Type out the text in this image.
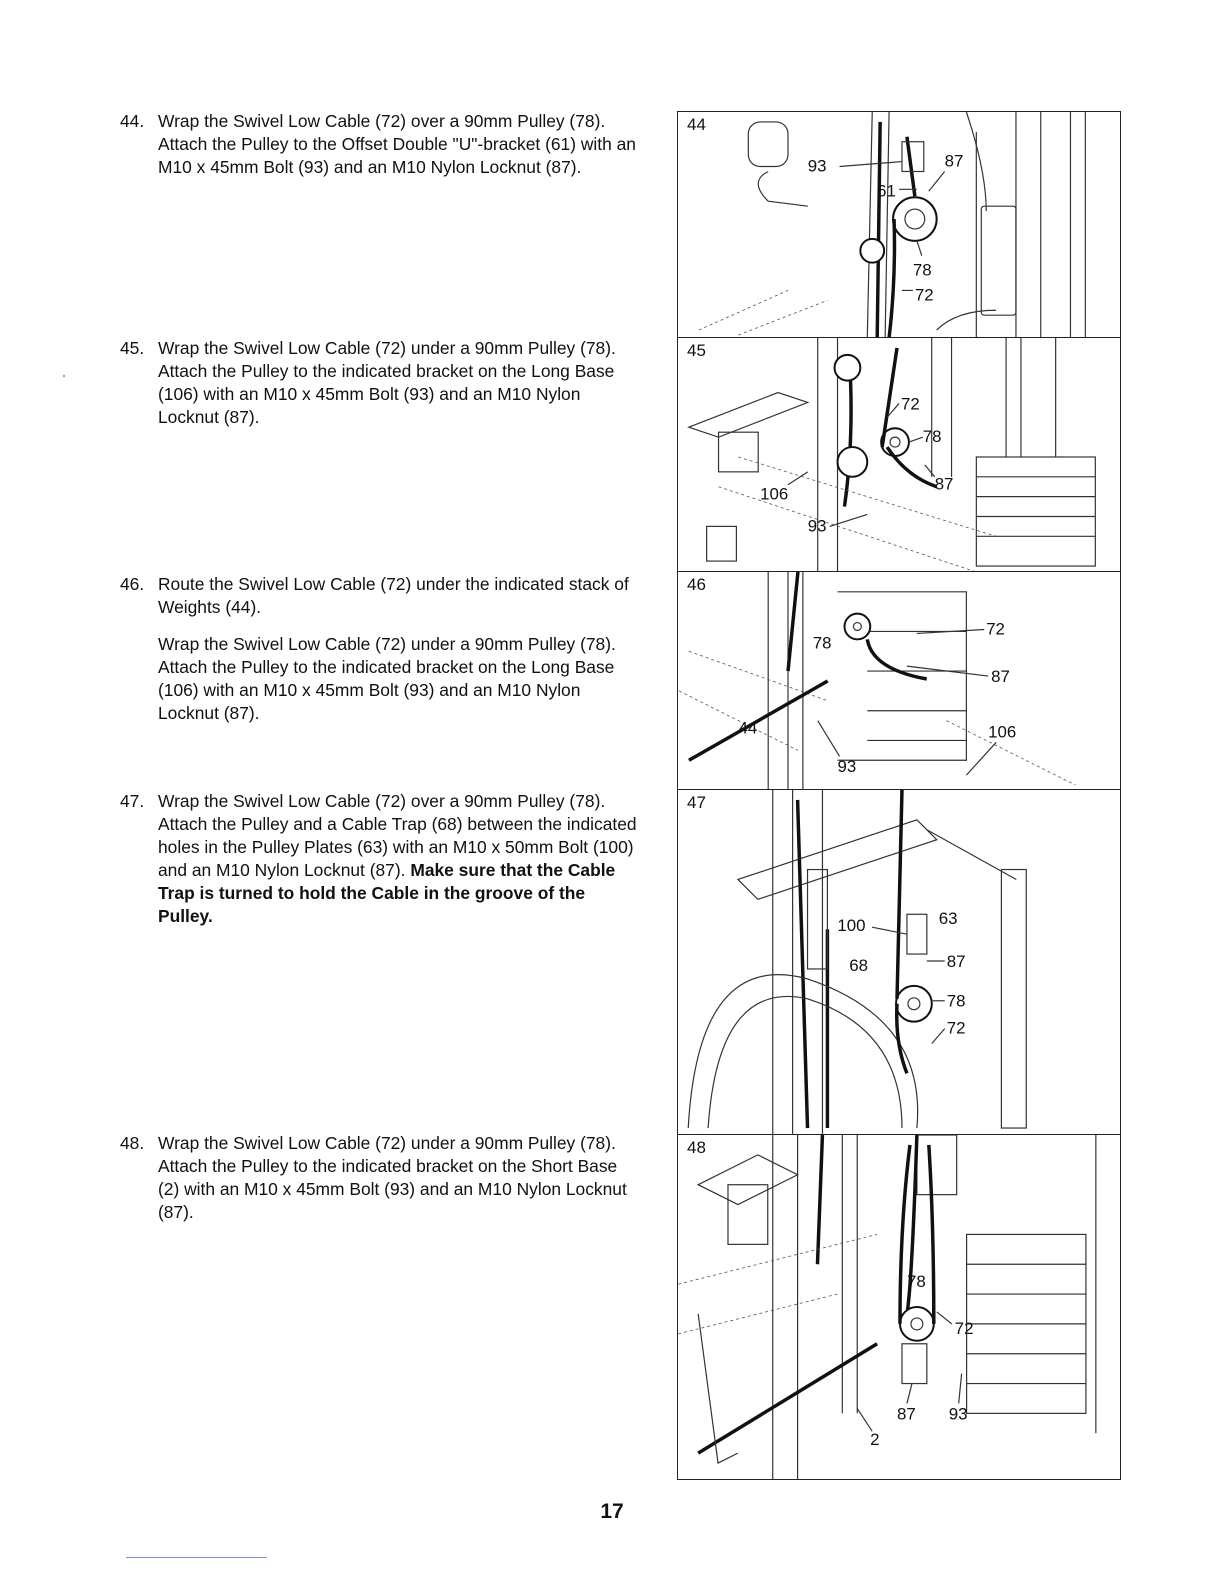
44. Wrap the Swivel Low Cable (72) over a 90mm Pulley (78). Attach the Pulley to the Offset Double "U"-bracket (61) with an M10 x 45mm Bolt (93) and an M10 Nylon Locknut (87).

45. Wrap the Swivel Low Cable (72) under a 90mm Pulley (78). Attach the Pulley to the indicated bracket on the Long Base (106) with an M10 x 45mm Bolt (93) and an M10 Nylon Locknut (87).

46. Route the Swivel Low Cable (72) under the indicated stack of Weights (44).

Wrap the Swivel Low Cable (72) under a 90mm Pulley (78). Attach the Pulley to the indicated bracket on the Long Base (106) with an M10 x 45mm Bolt (93) and an M10 Nylon Locknut (87).

47. Wrap the Swivel Low Cable (72) over a 90mm Pulley (78). Attach the Pulley and a Cable Trap (68) between the indicated holes in the Pulley Plates (63) with an M10 x 50mm Bolt (100) and an M10 Nylon Locknut (87). Make sure that the Cable Trap is turned to hold the Cable in the groove of the Pulley.

48. Wrap the Swivel Low Cable (72) under a 90mm Pulley (78). Attach the Pulley to the indicated bracket on the Short Base (2) with an M10 x 45mm Bolt (93) and an M10 Nylon Locknut (87).

93	87
61
78
72
44
72
78
87
106
93
45
78
72
87
44	106
93
46
100	63
68	87
78
72
47
78
72
87 93
2
48
17
